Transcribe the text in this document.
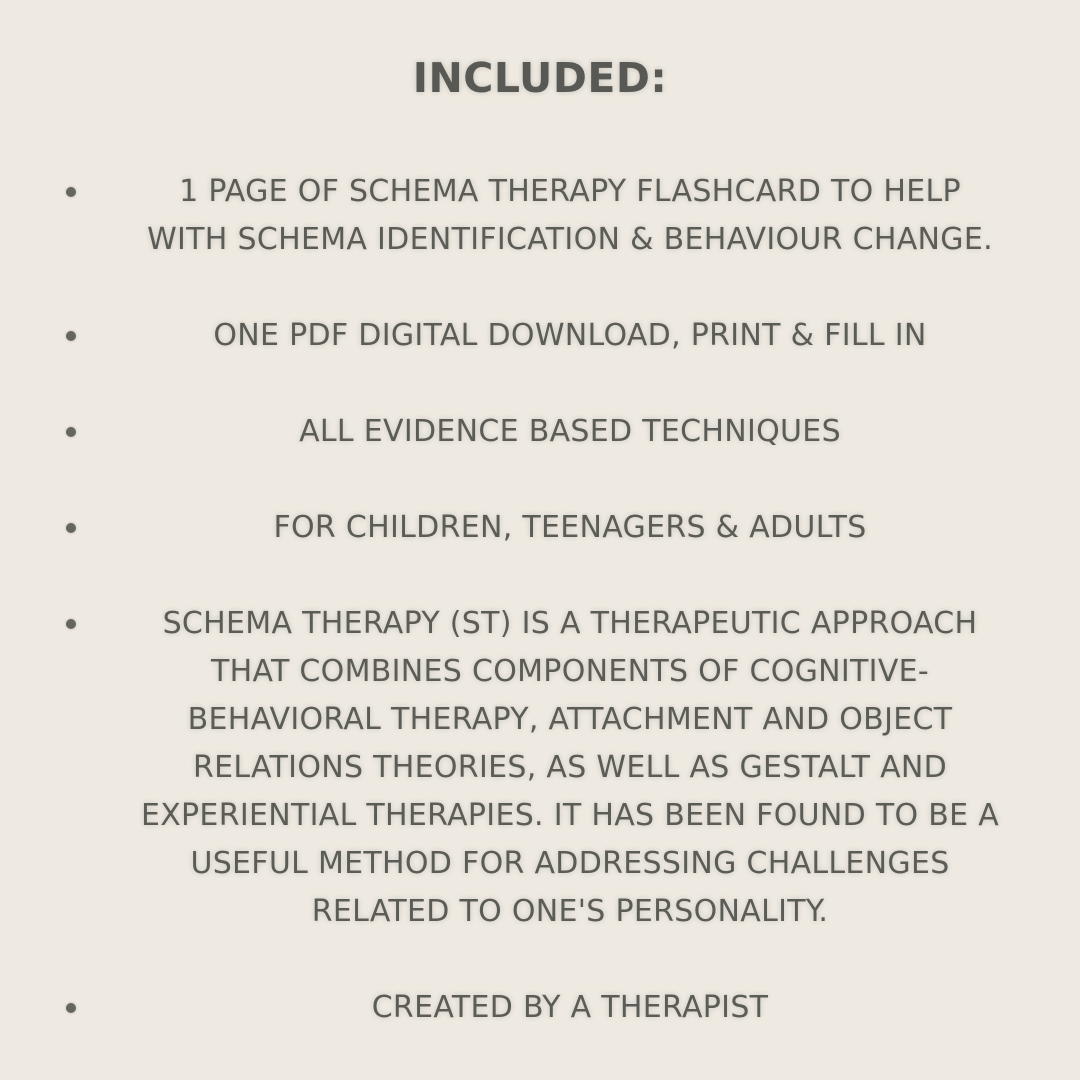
INCLUDED:
1 PAGE OF SCHEMA THERAPY FLASHCARD TO HELP
WITH SCHEMA IDENTIFICATION & BEHAVIOUR CHANGE.
ONE PDF DIGITAL DOWNLOAD, PRINT & FILL IN
ALL EVIDENCE BASED TECHNIQUES
FOR CHILDREN, TEENAGERS & ADULTS
SCHEMA THERAPY (ST) IS A THERAPEUTIC APPROACH
THAT COMBINES COMPONENTS OF COGNITIVE-
BEHAVIORAL THERAPY, ATTACHMENT AND OBJECT
RELATIONS THEORIES, AS WELL AS GESTALT AND
EXPERIENTIAL THERAPIES. IT HAS BEEN FOUND TO BE A
USEFUL METHOD FOR ADDRESSING CHALLENGES
RELATED TO ONE'S PERSONALITY.
CREATED BY A THERAPIST
